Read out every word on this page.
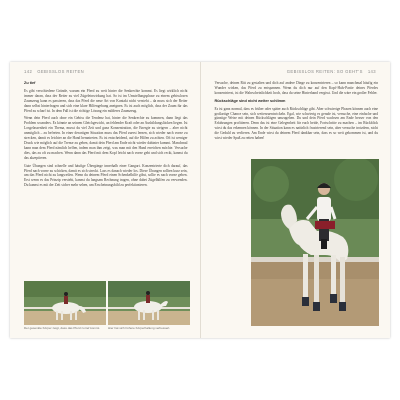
142 GEBISSLOS REITEN

Zu tief

Es gibt verschiedene Gründe, warum ein Pferd zu weit hinter die Senkrechte kommt. Es liegt wirklich nicht immer daran, dass der Reiter zu viel Zügeleinwirkung hat. So ist im Umstellungsphase zu einem gebisslosen Zaumzeug kann es passieren, dass das Pferd die neue Art von Kontakt nicht versteht – da muss sich der Reiter dann selbst hinterfragen und sich eine klare Hilfengebung aneignen. Es ist auch möglich, dass der Zaum für das Pferd zu scharf ist. In dem Fall ist die richtige Lösung ein milderes Zaumzeug.

Wenn dein Pferd auch ohne ein Gebiss die Tendenz hat, hinter die Senkrechte zu kommen, dann liegt das Problem woanders. Es könnte an seinem Gleichgewicht, an fehlender Kraft oder an Ausbildungslücken liegen. Ist Losgelassenheit ein Thema, musst du viel Zeit und ganz Konzentration, die Energie zu steigern – aber nicht unmöglich – zu befreien. In einer derartigen Situation muss das Pferd zuerst lernen, sich wieder nach vorne zu strecken, damit es leichter an die Hand herantreten. Es ist entscheidend, auf die Hilfen zu achten. Oft ist weniger Druck wie möglich auf die Trense zu geben, damit dein Pferd am Ende nicht wieder dahinter kommt. Manchmal kann man dem Pferd nämlich helfen, indem man ihm zeigt, was man mit den Hand erreichen möchte. Versuche dies, das zu oft zu machen. Wenn dann das Pferd mit dem Kopf leicht nach vorne geht und sich reckt, kannst du das akzeptieren.

Gute Übungen sind schnelle und häufige Übergänge innerhalb einer Gangart. Konzentrierte dich darauf, das Pferd nach vorne zu schicken, damit es sich streckt. Lass es danach wieder los. Diese Übungen sollten kurz sein, um das Pferd nicht zu langweilen. Wenn du deinem Pferd einen Schenkelhilfe gibst, sollte es nach vorne gehen. Erst wenn es das Prinzip versteht, kannst du langsam Rechnung tragen, ohne dabei Zügelhilfen zu verwenden. Du kannst es mit der Zeit sicher mehr sehen, um Erscheinungsbild zu perfektionieren.

Der gesenkte Körper zeigt, dass das Pferd zu tief kommt.	Hier hat sich höhere Körperhaltung verbessert.
GEBISSLOS REITEN: SO GEHT'S 143

Versuche, deinen Ritt zu gestalten und dich auf andere Dinge zu konzentrieren – so kann manchmal häufig ein Wunder wirken, das Pferd zu entspannen. Wenn du dich nur auf den Kopf-Hals-Partie deines Pferdes konzentrierst, ist die Wahrscheinlichkeit hoch, dass du seine Hinterhand vergisst. Und die wäre ein großer Fehler.

Rückschläge sind nicht weiter schlimm

Es ist ganz normal, dass es früher oder später auch Rückschläge gibt. Aber schwierige Phasen können auch eine großartige Chance sein, sich weiterzuentwickeln. Egal, wie schwierig es gerade ist, versuche, eine einfache und günstige Weise mit deinen Rückschlägen umzugehen. Du und dein Pferd wachsen am Ende besser von den Erfahrungen profitieren. Denn das ist eine Gelegenheit für euch beide, Fortschritte zu machen – im Rückblick wirst du das erkennen können. In der Situation kann es natürlich frustrierend sein, aber versuche trotzdem, nicht die Geduld zu verlieren. Am Ende wirst du deinem Pferd dankbar sein, dass es so weit gekommen ist, und du wirst wieder Spaß zu reiten haben!
